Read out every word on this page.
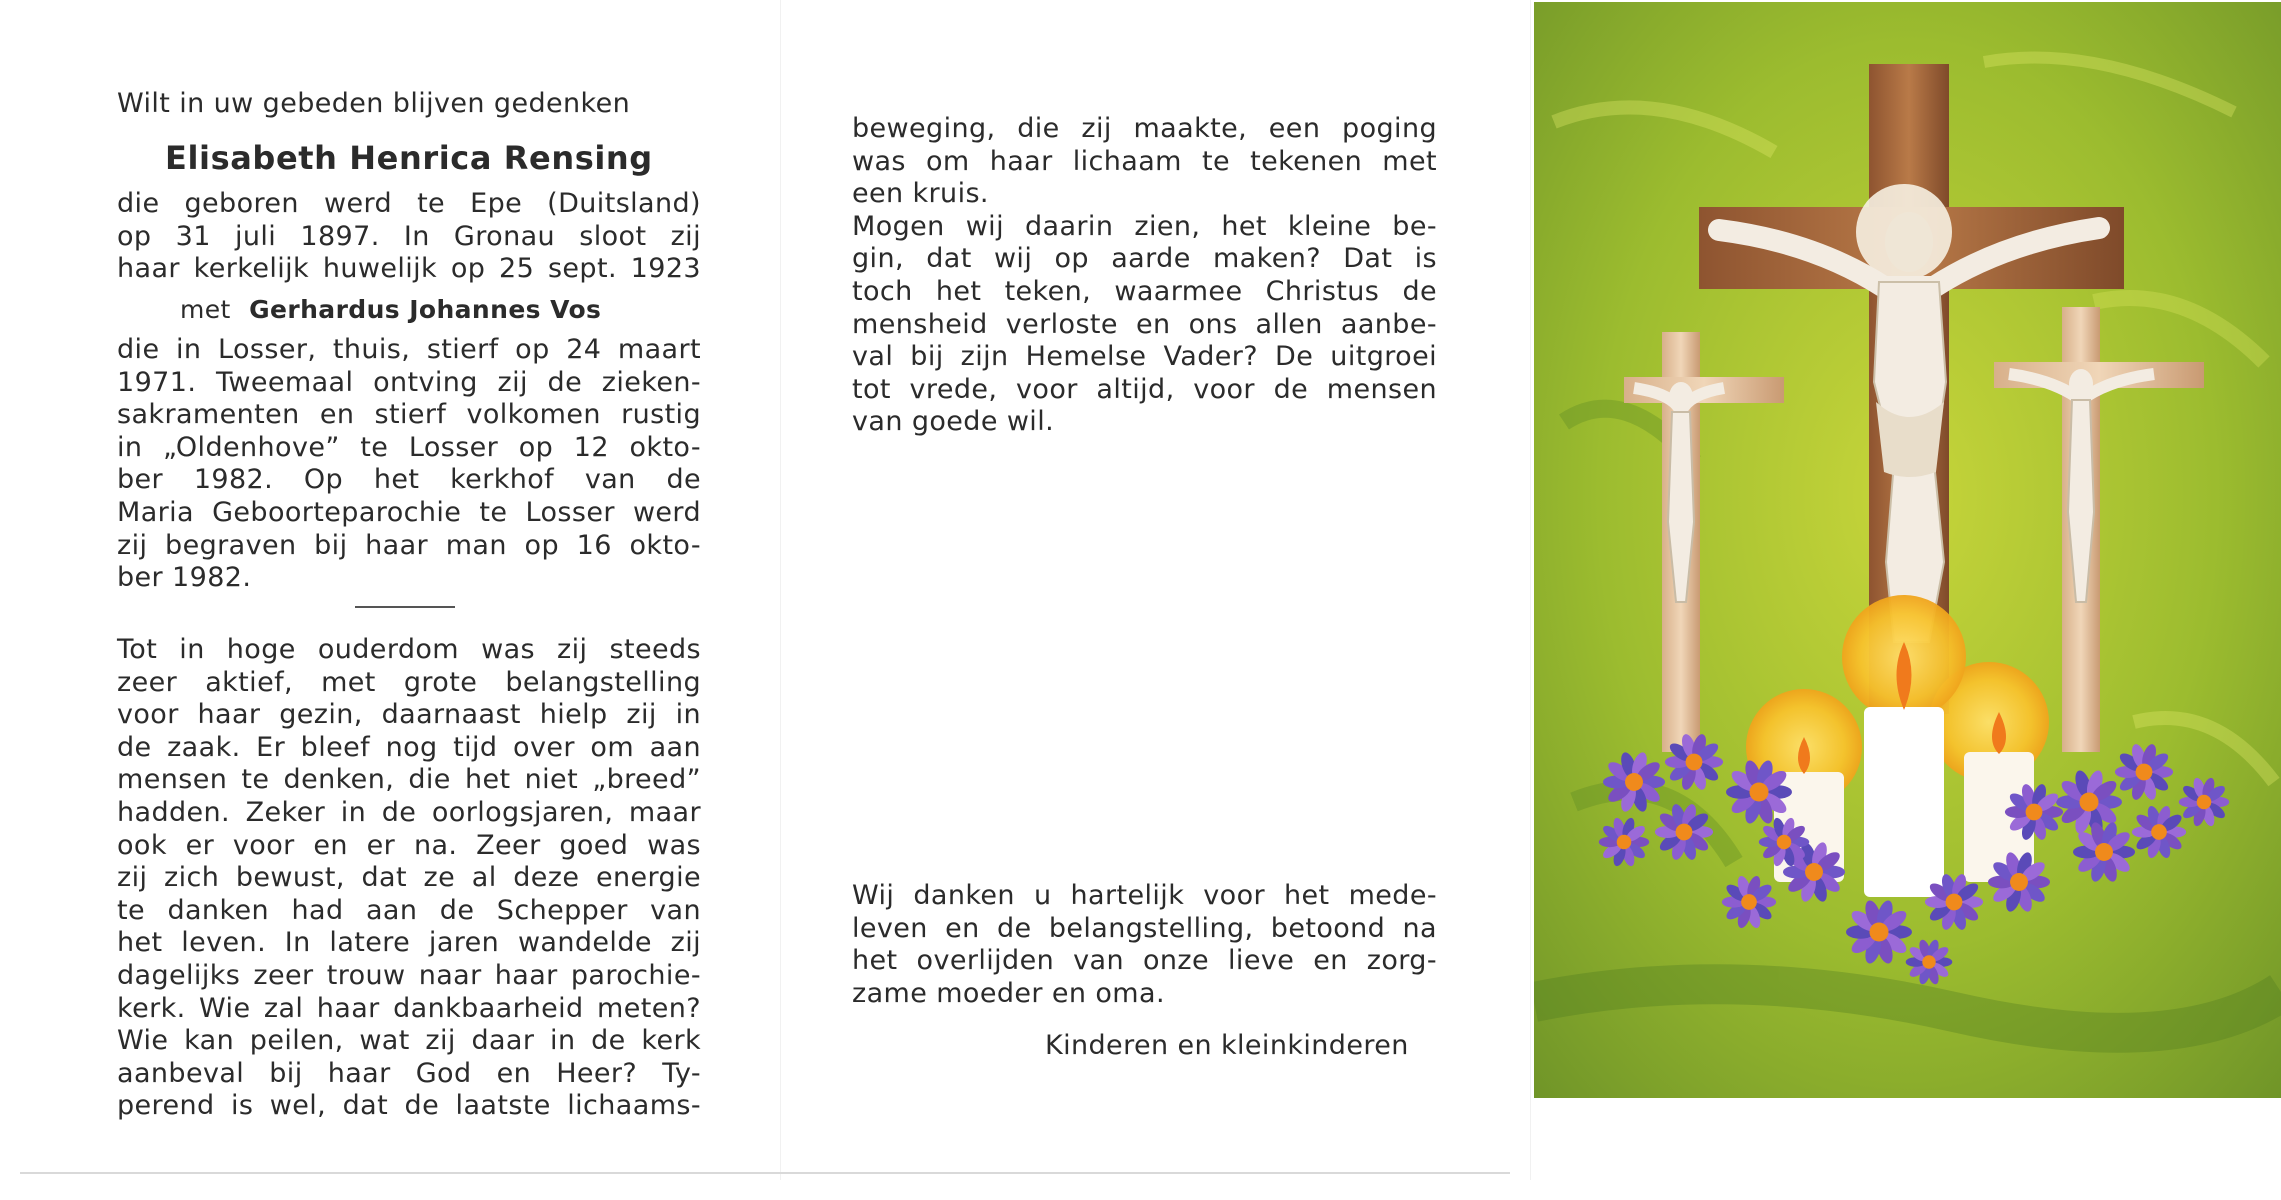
Wilt in uw gebeden blijven gedenken
Elisabeth Henrica Rensing
die geboren werd te Epe (Duitsland)
op 31 juli 1897. In Gronau sloot zij
haar kerkelijk huwelijk op 25 sept. 1923
met Gerhardus Johannes Vos
die in Losser, thuis, stierf op 24 maart
1971. Tweemaal ontving zij de zieken-
sakramenten en stierf volkomen rustig
in „Oldenhove” te Losser op 12 okto-
ber 1982. Op het kerkhof van de
Maria Geboorteparochie te Losser werd
zij begraven bij haar man op 16 okto-
ber 1982.
Tot in hoge ouderdom was zij steeds
zeer aktief, met grote belangstelling
voor haar gezin, daarnaast hielp zij in
de zaak. Er bleef nog tijd over om aan
mensen te denken, die het niet „breed”
hadden. Zeker in de oorlogsjaren, maar
ook er voor en er na. Zeer goed was
zij zich bewust, dat ze al deze energie
te danken had aan de Schepper van
het leven. In latere jaren wandelde zij
dagelijks zeer trouw naar haar parochie-
kerk. Wie zal haar dankbaarheid meten?
Wie kan peilen, wat zij daar in de kerk
aanbeval bij haar God en Heer? Ty-
perend is wel, dat de laatste lichaams-
beweging, die zij maakte, een poging
was om haar lichaam te tekenen met
een kruis.
Mogen wij daarin zien, het kleine be-
gin, dat wij op aarde maken? Dat is
toch het teken, waarmee Christus de
mensheid verloste en ons allen aanbe-
val bij zijn Hemelse Vader? De uitgroei
tot vrede, voor altijd, voor de mensen
van goede wil.
Wij danken u hartelijk voor het mede-
leven en de belangstelling, betoond na
het overlijden van onze lieve en zorg-
zame moeder en oma.
Kinderen en kleinkinderen
